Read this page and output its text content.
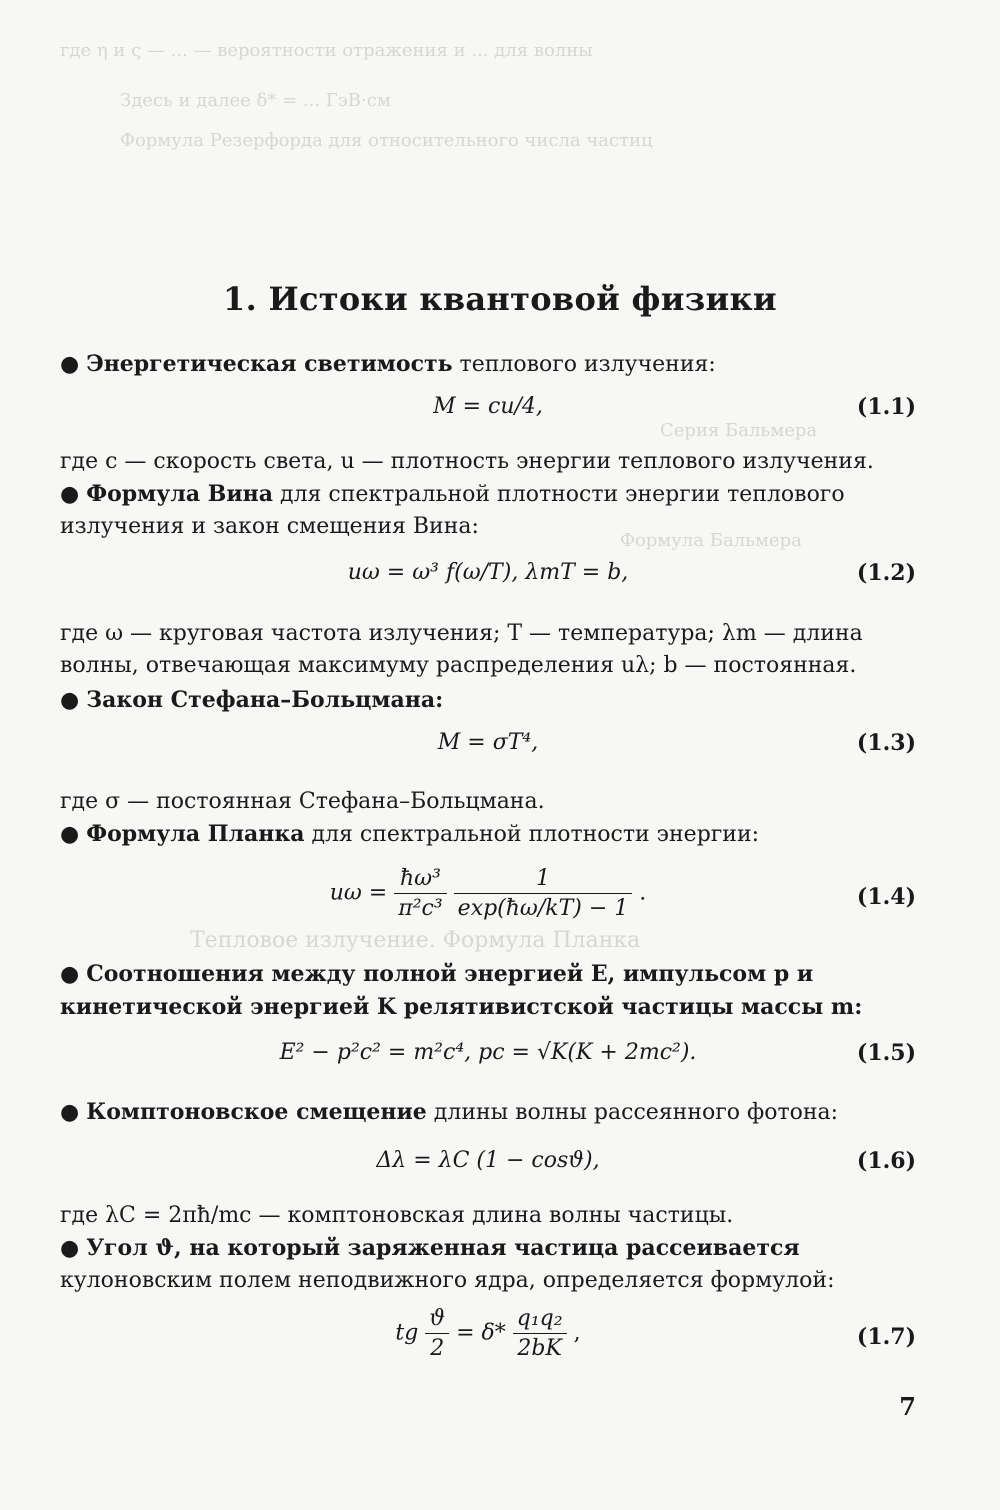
где η и ς — ... — вероятности отражения и ... для волны
Здесь и далее δ* = ... ГэВ·см
Формула Резерфорда для относительного числа частиц
Тепловое излучение. Формула Планка
Серия Бальмера
Формула Бальмера
1. Истоки квантовой физики
● Энергетическая светимость теплового излучения:
M = cu/4,	(1.1)
где c — скорость света, u — плотность энергии теплового излучения.
● Формула Вина для спектральной плотности энергии теплового излучения и закон смещения Вина:
uω = ω³ f(ω/T), λmT = b,	(1.2)
где ω — круговая частота излучения; T — температура; λm — длина волны, отвечающая максимуму распределения uλ; b — постоянная.
● Закон Стефана–Больцмана:
M = σT⁴,	(1.3)
где σ — постоянная Стефана–Больцмана.
● Формула Планка для спектральной плотности энергии:
$u\omega = \frac{\text{ħω³}}{\text{π²c³}}$
$\frac{1}{\exp(ħ\omega/kT) - 1}$ .	(1.4)
● Соотношения между полной энергией E, импульсом p и кинетической энергией K релятивистской частицы массы m:
E² − p²c² = m²c⁴, pc = √K(K + 2mc²).	(1.5)
● Комптоновское смещение длины волны рассеянного фотона:
Δλ = λC (1 − cosϑ),	(1.6)
где λC = 2πħ/mc — комптоновская длина волны частицы.
● Угол ϑ, на который заряженная частица рассеивается кулоновским полем неподвижного ядра, определяется формулой:
tg $\frac{ϑ}{2} = \delta* \frac{\text{q₁q₂}}{2bK}$ ,	(1.7)
7
